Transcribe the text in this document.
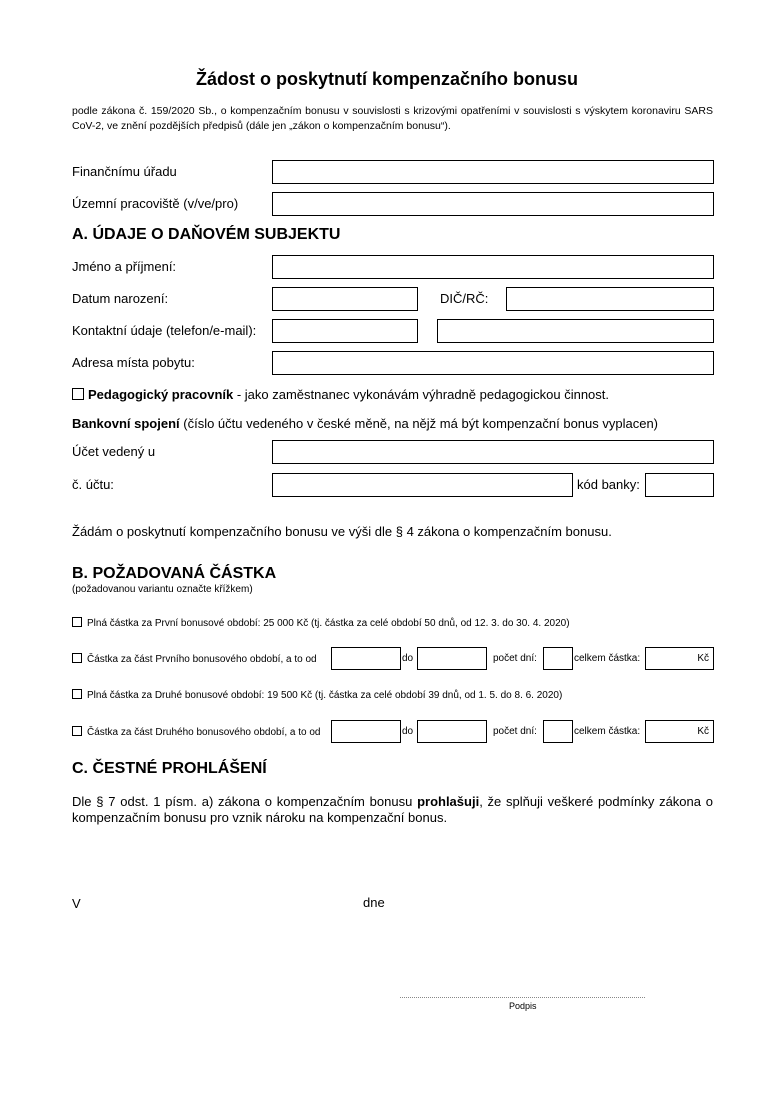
Žádost o poskytnutí kompenzačního bonusu
podle zákona č. 159/2020 Sb., o kompenzačním bonusu v souvislosti s krizovými opatřeními v souvislosti s výskytem koronaviru SARS CoV-2, ve znění pozdějších předpisů (dále jen „zákon o kompenzačním bonusu“).
Finančnímu úřadu
Územní pracoviště (v/ve/pro)
A. ÚDAJE O DAŇOVÉM SUBJEKTU
Jméno a příjmení:
Datum narození:	DIČ/RČ:
Kontaktní údaje (telefon/e-mail):
Adresa místa pobytu:
Pedagogický pracovník - jako zaměstnanec vykonávám výhradně pedagogickou činnost.
Bankovní spojení (číslo účtu vedeného v české měně, na nějž má být kompenzační bonus vyplacen)
Účet vedený u
č. účtu:	kód banky:
Žádám o poskytnutí kompenzačního bonusu ve výši dle § 4 zákona o kompenzačním bonusu.
B. POŽADOVANÁ ČÁSTKA
(požadovanou variantu označte křížkem)
Plná částka za První bonusové období: 25 000 Kč (tj. částka za celé období 50 dnů, od 12. 3. do 30. 4. 2020)
Částka za část Prvního bonusového období, a to od	do	počet dní:	celkem částka:	Kč
Plná částka za Druhé bonusové období: 19 500 Kč (tj. částka za celé období 39 dnů, od 1. 5. do 8. 6. 2020)
Částka za část Druhého bonusového období, a to od	do	počet dní:	celkem částka:	Kč
C. ČESTNÉ PROHLÁŠENÍ
Dle § 7 odst. 1 písm. a) zákona o kompenzačním bonusu prohlašuji, že splňuji veškeré podmínky zákona o kompenzačním bonusu pro vznik nároku na kompenzační bonus.
V	dne
Podpis
